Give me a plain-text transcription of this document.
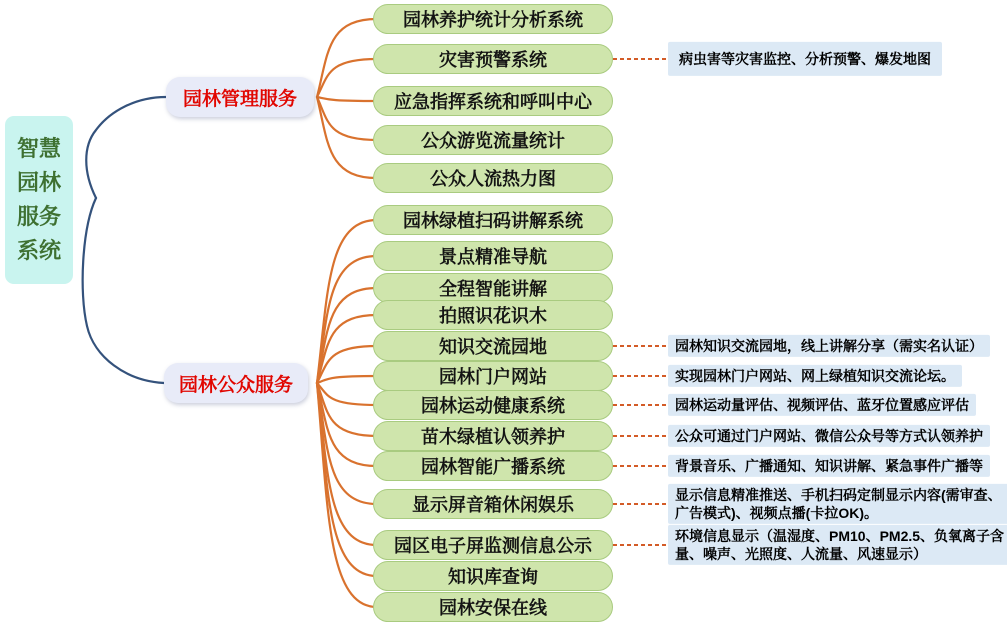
智慧
园林
服务
系统
园林管理服务
园林公众服务
园林养护统计分析系统
灾害预警系统	病虫害等灾害监控、分析预警、爆发地图
应急指挥系统和呼叫中心
公众游览流量统计
公众人流热力图
园林绿植扫码讲解系统
景点精准导航
全程智能讲解
拍照识花识木
知识交流园地	园林知识交流园地，线上讲解分享（需实名认证）
园林门户网站	实现园林门户网站、网上绿植知识交流论坛。
园林运动健康系统	园林运动量评估、视频评估、蓝牙位置感应评估
苗木绿植认领养护	公众可通过门户网站、微信公众号等方式认领养护
园林智能广播系统	背景音乐、广播通知、知识讲解、紧急事件广播等
显示屏音箱休闲娱乐
显示信息精准推送、手机扫码定制显示内容(需审查、广告模式)、视频点播(卡拉OK)。
园区电子屏监测信息公示
环境信息显示（温湿度、PM10、PM2.5、负氧离子含量、噪声、光照度、人流量、风速显示）
知识库查询
园林安保在线
